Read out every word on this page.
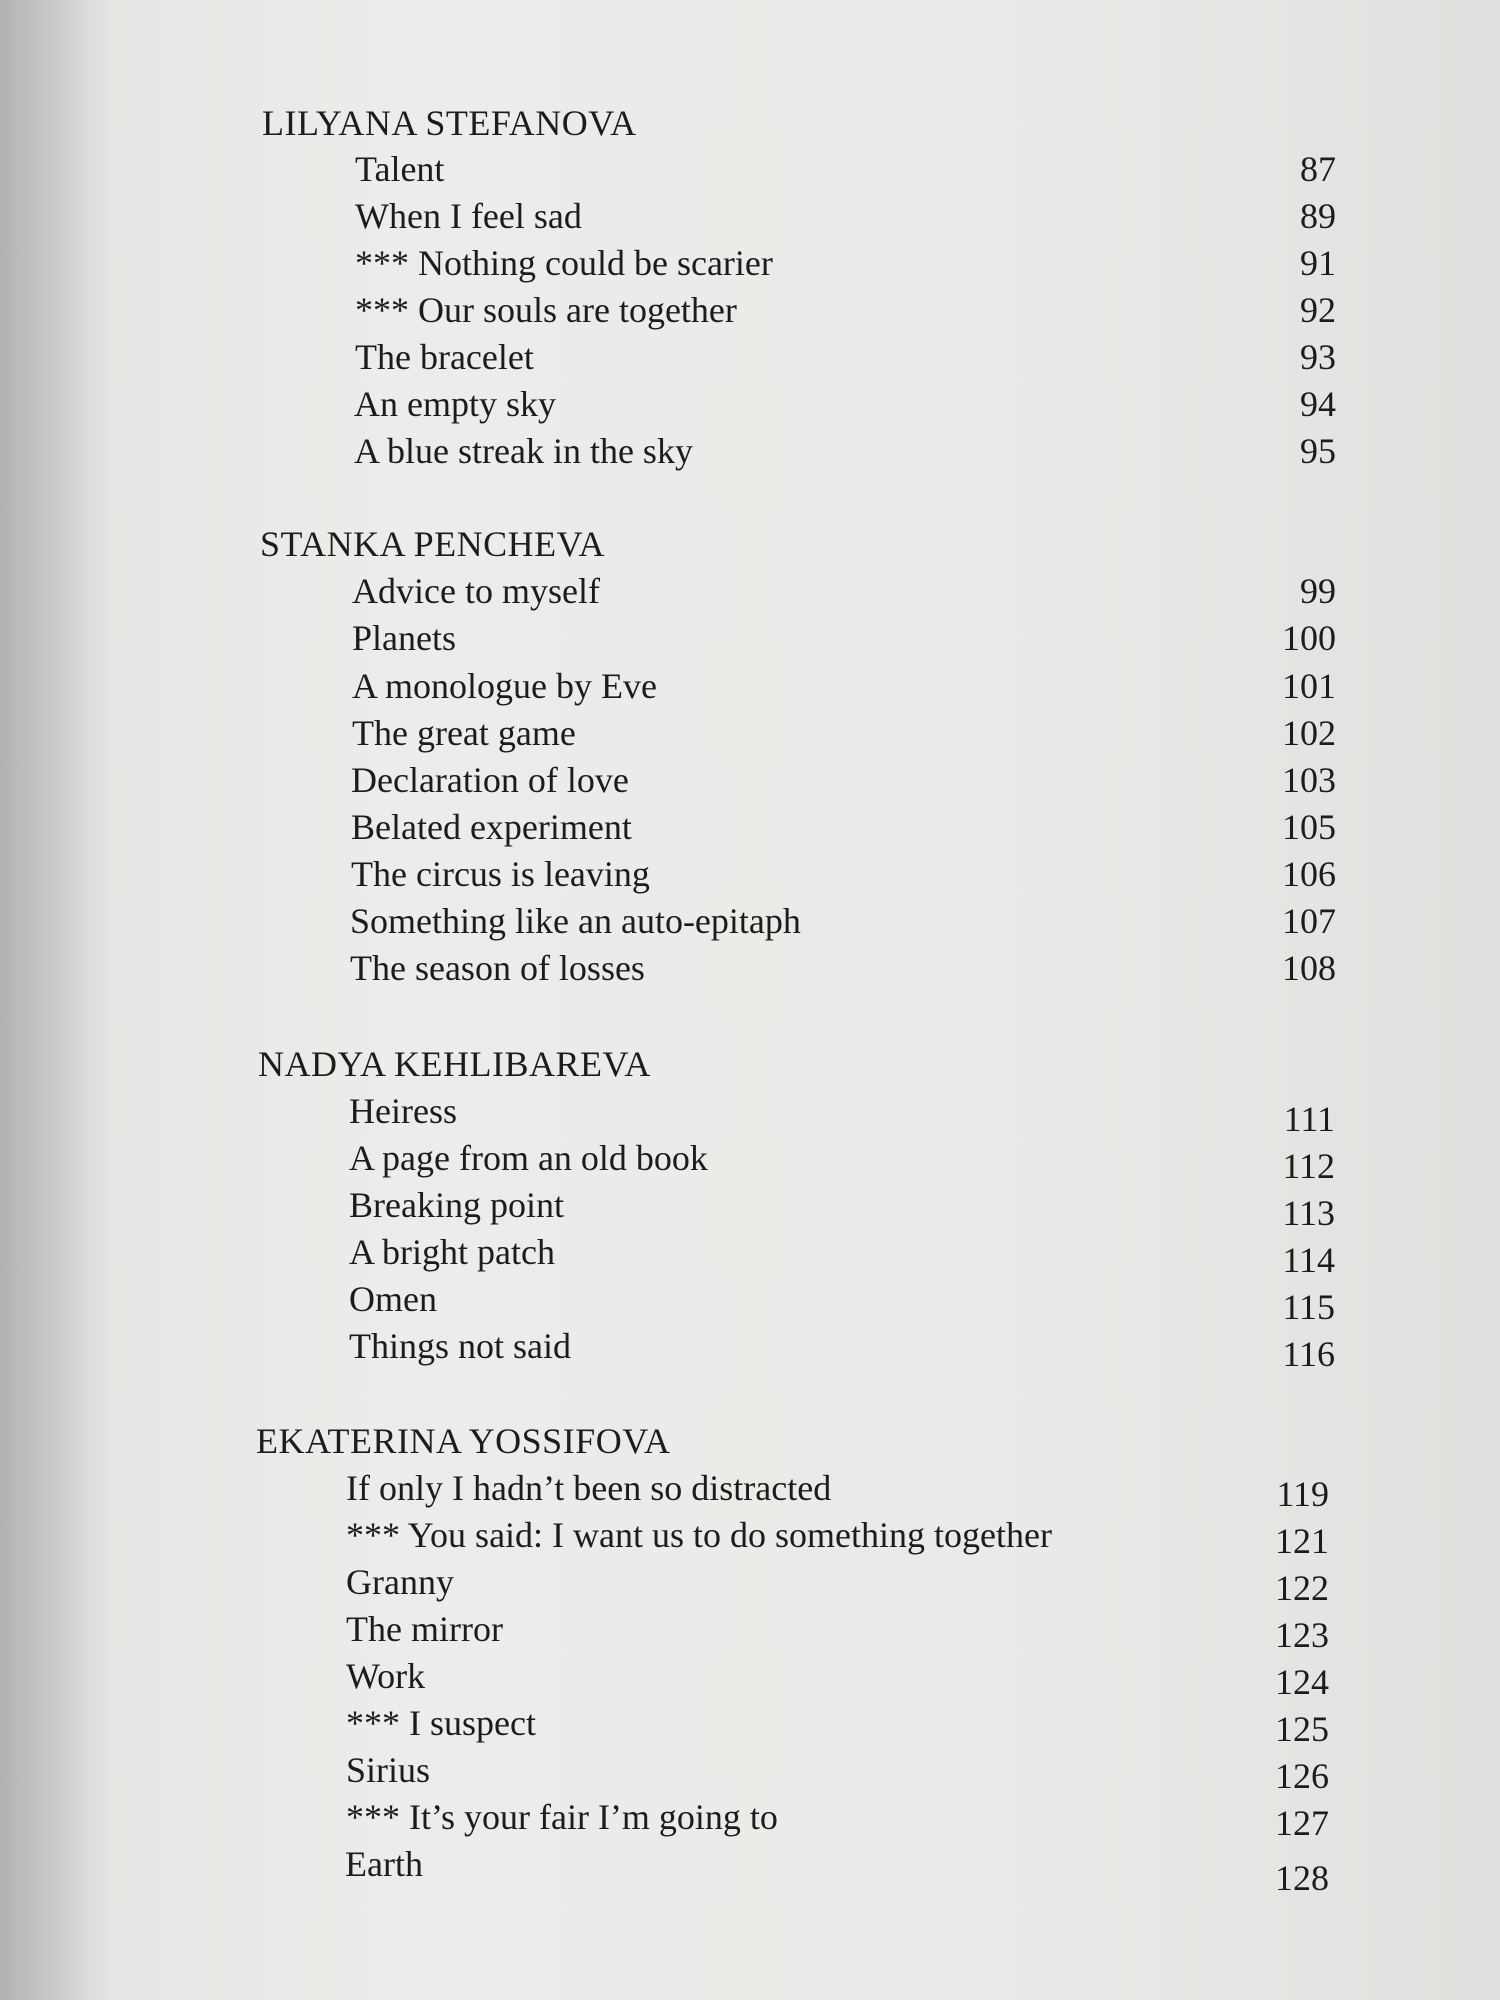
LILYANA STEFANOVA
Talent	87
When I feel sad	89
*** Nothing could be scarier	91
*** Our souls are together	92
The bracelet	93
An empty sky	94
A blue streak in the sky	95
STANKA PENCHEVA
Advice to myself	99
Planets	100
A monologue by Eve	101
The great game	102
Declaration of love	103
Belated experiment	105
The circus is leaving	106
Something like an auto-epitaph	107
The season of losses	108
NADYA KEHLIBAREVA
Heiress	111
A page from an old book	112
Breaking point	113
A bright patch	114
Omen	115
Things not said	116
EKATERINA YOSSIFOVA
If only I hadn’t been so distracted	119
*** You said: I want us to do something together	121
Granny	122
The mirror	123
Work	124
*** I suspect	125
Sirius	126
*** It’s your fair I’m going to	127
Earth	128
